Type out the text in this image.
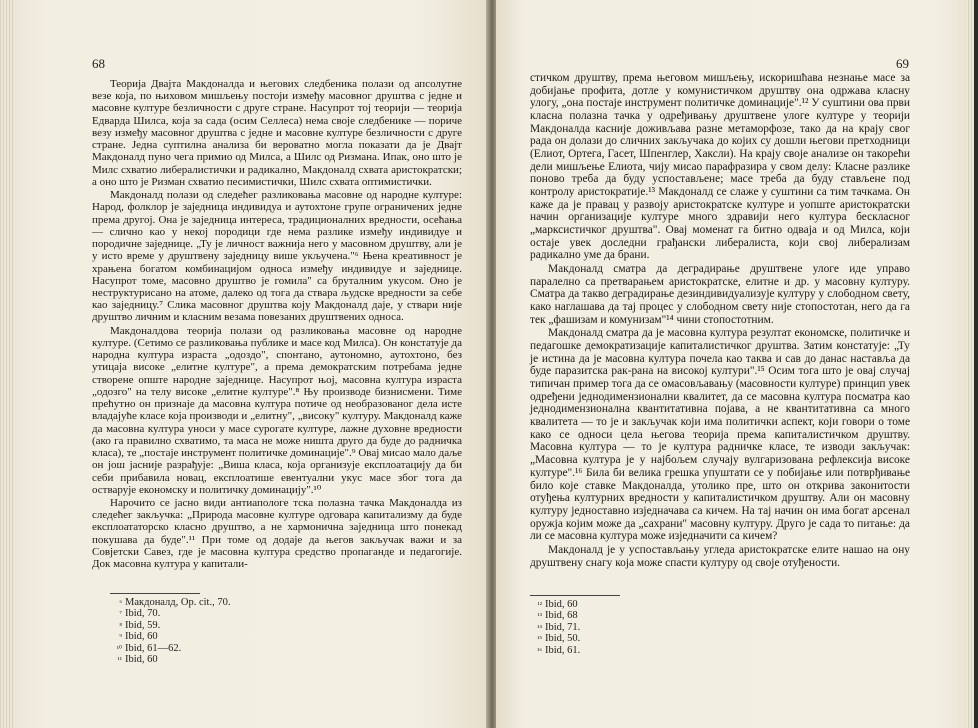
68

Теорија Двајта Макдоналда и његових следбеника полази од апсолутне везе која, по њиховом мишљењу постоји између масовног друштва с једне и масовне културе безличности с друге стране. Насупрот тој теорији — теорија Едварда Шилса, која за сада (осим Селлеса) нема своје следбенике — пориче везу између масовног друштва с једне и масовне културе безличности с друге стране. Једна суптилна анализа би вероватно могла показати да је Двајт Макдоналд пуно чега примио од Милса, а Шилс од Ризмана. Ипак, оно што је Милс схватио либералистички и радикално, Макдоналд схвата аристократски; а оно што је Ризман схватио песимистички, Шилс схвата оптимистички.

Макдоналд полази од следећег разликовања масовне од народне културе: Народ, фолклор је заједница индивидуа и аутохтоне групе ограничених једне према другој. Она је заједница интереса, традиционалних вредности, осећања — слично као у некој породици где нема разлике између индивидуе и породичне заједнице. „Ту је личност важнија него у масовном друштву, али је у исто време у друштвену заједницу више укључена."⁶ Њена креативност је храњена богатом комбинацијом односа између индивидуе и заједнице. Насупрот томе, масовно друштво је гомила" са бруталним укусом. Оно је неструктурисано на атоме, далеко од тога да ствара људске вредности за себе као заједницу.⁷ Слика масовног друштва коју Макдоналд даје, у ствари није друштво личним и класним везама повезаних друштвених односа.

Макдоналдова теорија полази од разликовања масовне од народне културе. (Сетимо се разликовања публике и масе код Милса). Он констатује да народна култура израста „одоздо", спонтано, аутономно, аутохтоно, без утицаја високе „елитне културе", а према демократским потребама једне створене опште народне заједнице. Насупрот њој, масовна култура израста „одозго" на телу високе „елитне културе".⁸ Њу производе бизнисмени. Тиме прећутно он признаје да масовна култура потиче од необразованог дела исте владајуће класе која производи и „елитну", „високу" културу. Макдоналд каже да масовна култура уноси у масе сурогате културе, лажне духовне вредности (ако га правилно схватимо, та маса не може ништа друго да буде до радничка класа), те „постаје инструмент политичке доминације".⁹ Овај мисао мало даље он још јасније разрађује: „Виша класа, која организује експлоатацију да би себи прибавила новац, експлоатише евентуални укус масе због тога да остварује економску и политичку доминацију".¹⁰

Нарочито се јасно види антиапологе тска полазна тачка Макдоналда из следећег закључка: „Природа масовне културе одговара капитализму да буде експлоататорско класно друштво, а не хармонична заједница што понекад покушава да буде".¹¹ При томе од додаје да његов закључак важи и за Совјетски Савез, где је масовна култура средство пропаганде и педагогије. Док масовна култура у капитали-

⁶ Макдоналд, Op. cit., 70.
⁷ Ibid, 70.
⁸ Ibid, 59.
⁹ Ibid, 60
¹⁰ Ibid, 61—62.
¹¹ Ibid, 60
69

стичком друштву, према његовом мишљењу, искоришћава незнање масе за добијање профита, дотле у комунистичком друштву она одржава класну улогу, „она постаје инструмент политичке доминације".¹² У суштини ова први класна полазна тачка у одређивању друштвене улоге културе у теорији Макдоналда касније доживљава разне метаморфозе, тако да на крају свог рада он долази до сличних закључака до којих су дошли његови претходници (Елиот, Ортега, Гасет, Шпенглер, Хаксли). На крају своје анализе он такорећи дели мишљење Елиота, чију мисао парафразира у свом делу: Класне разлике поново треба да буду успостављене; масе треба да буду стављене под контролу аристократије.¹³ Макдоналд се слаже у суштини са тим тачкама. Он каже да је правац у развоју аристократске културе и уопште аристократски начин организације културе много здравији него култура бескласног „марксистичког друштва". Овај моменат га битно одваја и од Милса, који остаје увек доследни грађански либералиста, који свој либерализам радикално уме да брани.

Макдоналд сматра да деградирање друштвене улоге иде управо паралелно са претварањем аристократске, елитне и др. у масовну културу. Сматра да такво деградирање дезиндивидуализује културу у слободном свету, како наглашава да тај процес у слободном свету није стопостотан, него да га тек „фашизам и комунизам"¹⁴ чини стопостотним.

Макдоналд сматра да је масовна култура резултат економске, политичке и педагошке демократизације капиталистичког друштва. Затим констатује: „Ту је истина да је масовна култура почела као таква и сав до данас наставља да буде паразитска рак-рана на високој култури".¹⁵ Осим тога што је овај случај типичан пример тога да се омасовљавању (масовности културе) принцип увек одређени једнодимензионални квалитет, да се масовна култура посматра као једнодимензионална квантитативна појава, а не квантитативна са много квалитета — то је и закључак који има политички аспект, који говори о томе како се односи цела његова теорија према капиталистичком друштву. Масовна култура — то је култура радничке класе, те изводи закључак: „Масовна култура је у најбољем случају вулгаризована рефлексија високе културе".¹⁶ Била би велика грешка упуштати се у побијање или потврђивање било које ставке Макдоналда, утолико пре, што он открива законитости отуђења културних вредности у капиталистичком друштву. Али он масовну културу једноставно изједначава са кичем. На тај начин он има богат арсенал оружја којим може да „сахрани" масовну културу. Друго је сада то питање: да ли се масовна култура може изједначити са кичем?

Макдоналд је у успостављању угледа аристократске елите нашао на ону друштвену снагу која може спасти културу од своје отуђености.

¹² Ibid, 60
¹³ Ibid, 68
¹⁴ Ibid, 71.
¹⁵ Ibid, 50.
¹⁶ Ibid, 61.
